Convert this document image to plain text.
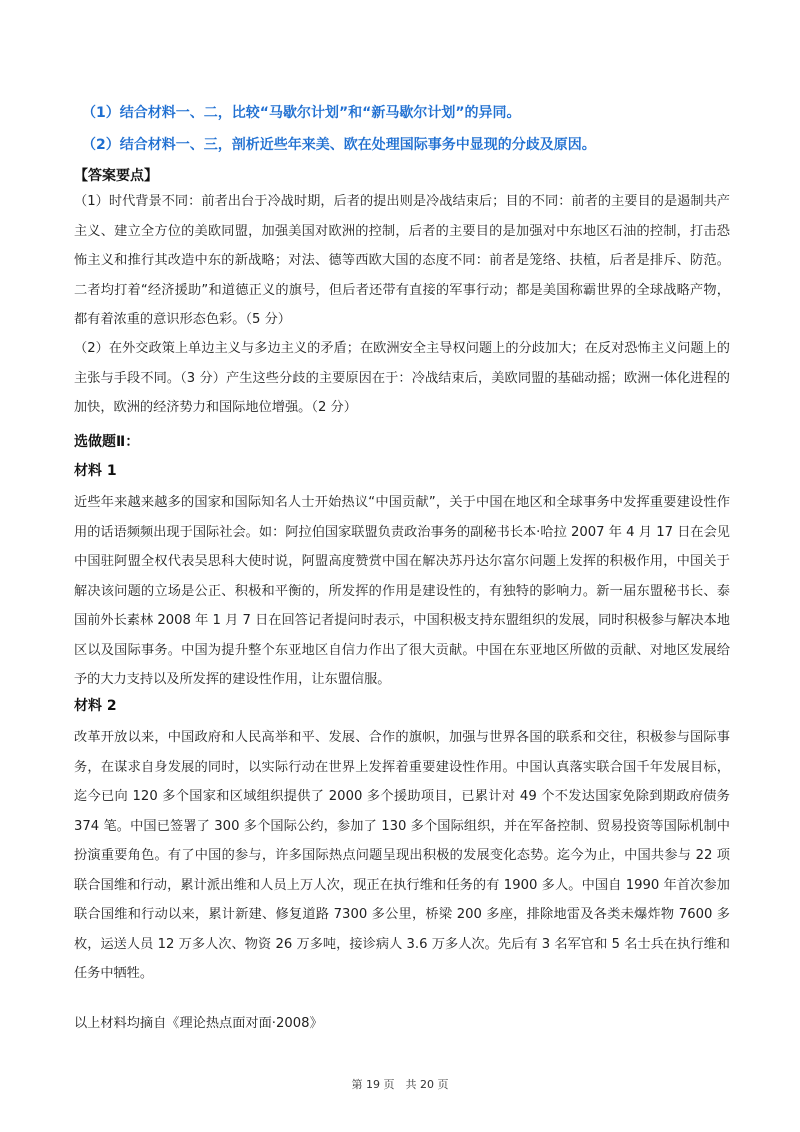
（1）结合材料一、二，比较“马歇尔计划”和“新马歇尔计划”的异同。
（2）结合材料一、三，剖析近些年来美、欧在处理国际事务中显现的分歧及原因。
【答案要点】
（1）时代背景不同：前者出台于冷战时期，后者的提出则是冷战结束后；目的不同：前者的主要目的是遏制共产主义、建立全方位的美欧同盟，加强美国对欧洲的控制，后者的主要目的是加强对中东地区石油的控制，打击恐怖主义和推行其改造中东的新战略；对法、德等西欧大国的态度不同：前者是笼络、扶植，后者是排斥、防范。二者均打着“经济援助”和道德正义的旗号，但后者还带有直接的军事行动；都是美国称霸世界的全球战略产物，都有着浓重的意识形态色彩。（5 分）
（2）在外交政策上单边主义与多边主义的矛盾；在欧洲安全主导权问题上的分歧加大；在反对恐怖主义问题上的主张与手段不同。（3 分）产生这些分歧的主要原因在于：冷战结束后，美欧同盟的基础动摇；欧洲一体化进程的加快，欧洲的经济势力和国际地位增强。（2 分）
选做题Ⅱ：
材料 1
近些年来越来越多的国家和国际知名人士开始热议“中国贡献”，关于中国在地区和全球事务中发挥重要建设性作用的话语频频出现于国际社会。如：阿拉伯国家联盟负责政治事务的副秘书长本·哈拉 2007 年 4 月 17 日在会见中国驻阿盟全权代表吴思科大使时说，阿盟高度赞赏中国在解决苏丹达尔富尔问题上发挥的积极作用，中国关于解决该问题的立场是公正、积极和平衡的，所发挥的作用是建设性的，有独特的影响力。新一届东盟秘书长、泰国前外长素林 2008 年 1 月 7 日在回答记者提问时表示，中国积极支持东盟组织的发展，同时积极参与解决本地区以及国际事务。中国为提升整个东亚地区自信力作出了很大贡献。中国在东亚地区所做的贡献、对地区发展给予的大力支持以及所发挥的建设性作用，让东盟信服。
材料 2
改革开放以来，中国政府和人民高举和平、发展、合作的旗帜，加强与世界各国的联系和交往，积极参与国际事务，在谋求自身发展的同时，以实际行动在世界上发挥着重要建设性作用。中国认真落实联合国千年发展目标，迄今已向 120 多个国家和区域组织提供了 2000 多个援助项目，已累计对 49 个不发达国家免除到期政府债务 374 笔。中国已签署了 300 多个国际公约，参加了 130 多个国际组织，并在军备控制、贸易投资等国际机制中扮演重要角色。有了中国的参与，许多国际热点问题呈现出积极的发展变化态势。迄今为止，中国共参与 22 项联合国维和行动，累计派出维和人员上万人次，现正在执行维和任务的有 1900 多人。中国自 1990 年首次参加联合国维和行动以来，累计新建、修复道路 7300 多公里，桥梁 200 多座，排除地雷及各类未爆炸物 7600 多枚，运送人员 12 万多人次、物资 26 万多吨，接诊病人 3.6 万多人次。先后有 3 名军官和 5 名士兵在执行维和任务中牺牲。
以上材料均摘自《理论热点面对面·2008》
第 19 页　共 20 页
